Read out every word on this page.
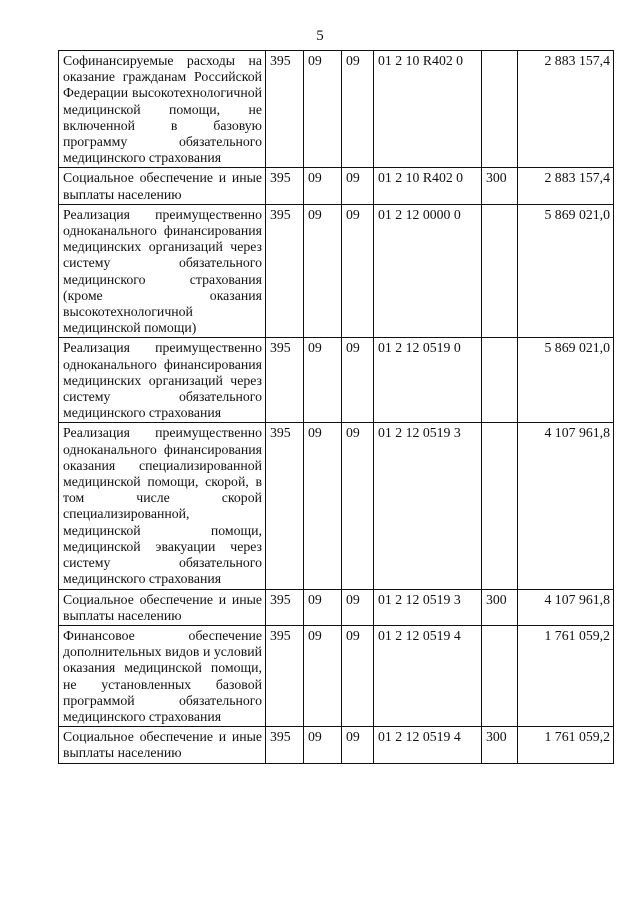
5
Софинансируемые расходы на оказание гражданам Российской Федерации высокотехнологичной медицинской помощи, не включенной в базовую программу обязательного медицинского страхования	395	09	09	01 2 10 R402 0		2 883 157,4
Социальное обеспечение и иные выплаты населению	395	09	09	01 2 10 R402 0	300	2 883 157,4
Реализация преимущественно одноканального финансирования медицинских организаций через систему обязательного медицинского страхования (кроме оказания высокотехнологичной медицинской помощи)	395	09	09	01 2 12 0000 0		5 869 021,0
Реализация преимущественно одноканального финансирования медицинских организаций через систему обязательного медицинского страхования	395	09	09	01 2 12 0519 0		5 869 021,0
Реализация преимущественно одноканального финансирования оказания специализированной медицинской помощи, скорой, в том числе скорой специализированной, медицинской помощи, медицинской эвакуации через систему обязательного медицинского страхования	395	09	09	01 2 12 0519 3		4 107 961,8
Социальное обеспечение и иные выплаты населению	395	09	09	01 2 12 0519 3	300	4 107 961,8
Финансовое обеспечение дополнительных видов и условий оказания медицинской помощи, не установленных базовой программой обязательного медицинского страхования	395	09	09	01 2 12 0519 4		1 761 059,2
Социальное обеспечение и иные выплаты населению	395	09	09	01 2 12 0519 4	300	1 761 059,2
